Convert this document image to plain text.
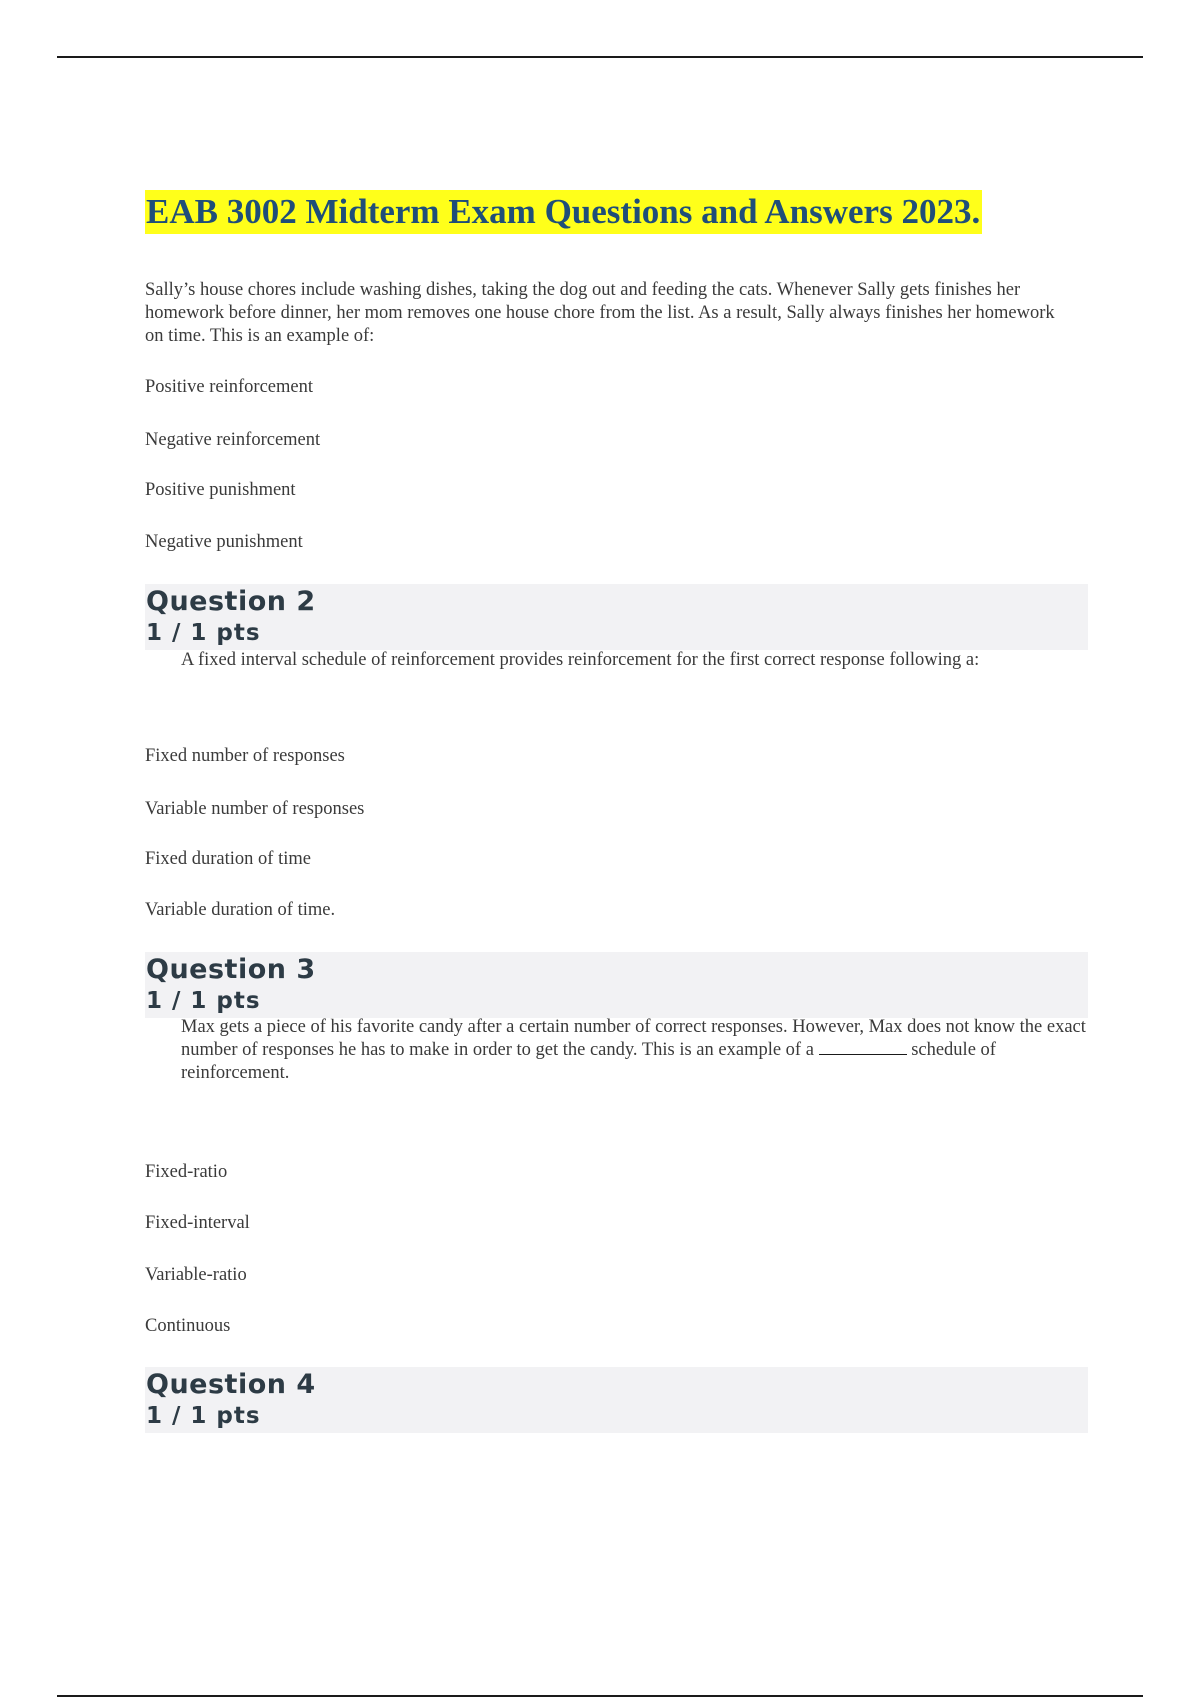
EAB 3002 Midterm Exam Questions and Answers 2023.

Sally’s house chores include washing dishes, taking the dog out and feeding the cats. Whenever Sally gets finishes her homework before dinner, her mom removes one house chore from the list. As a result, Sally always finishes her homework on time. This is an example of:

Positive reinforcement
Negative reinforcement
Positive punishment
Negative punishment
Question 2
1 / 1 pts

A fixed interval schedule of reinforcement provides reinforcement for the first correct response following a:

Fixed number of responses
Variable number of responses
Fixed duration of time
Variable duration of time.
Question 3
1 / 1 pts

Max gets a piece of his favorite candy after a certain number of correct responses. However, Max does not know the exact number of responses he has to make in order to get the candy. This is an example of a	schedule of reinforcement.

Fixed-ratio
Fixed-interval
Variable-ratio
Continuous
Question 4
1 / 1 pts
